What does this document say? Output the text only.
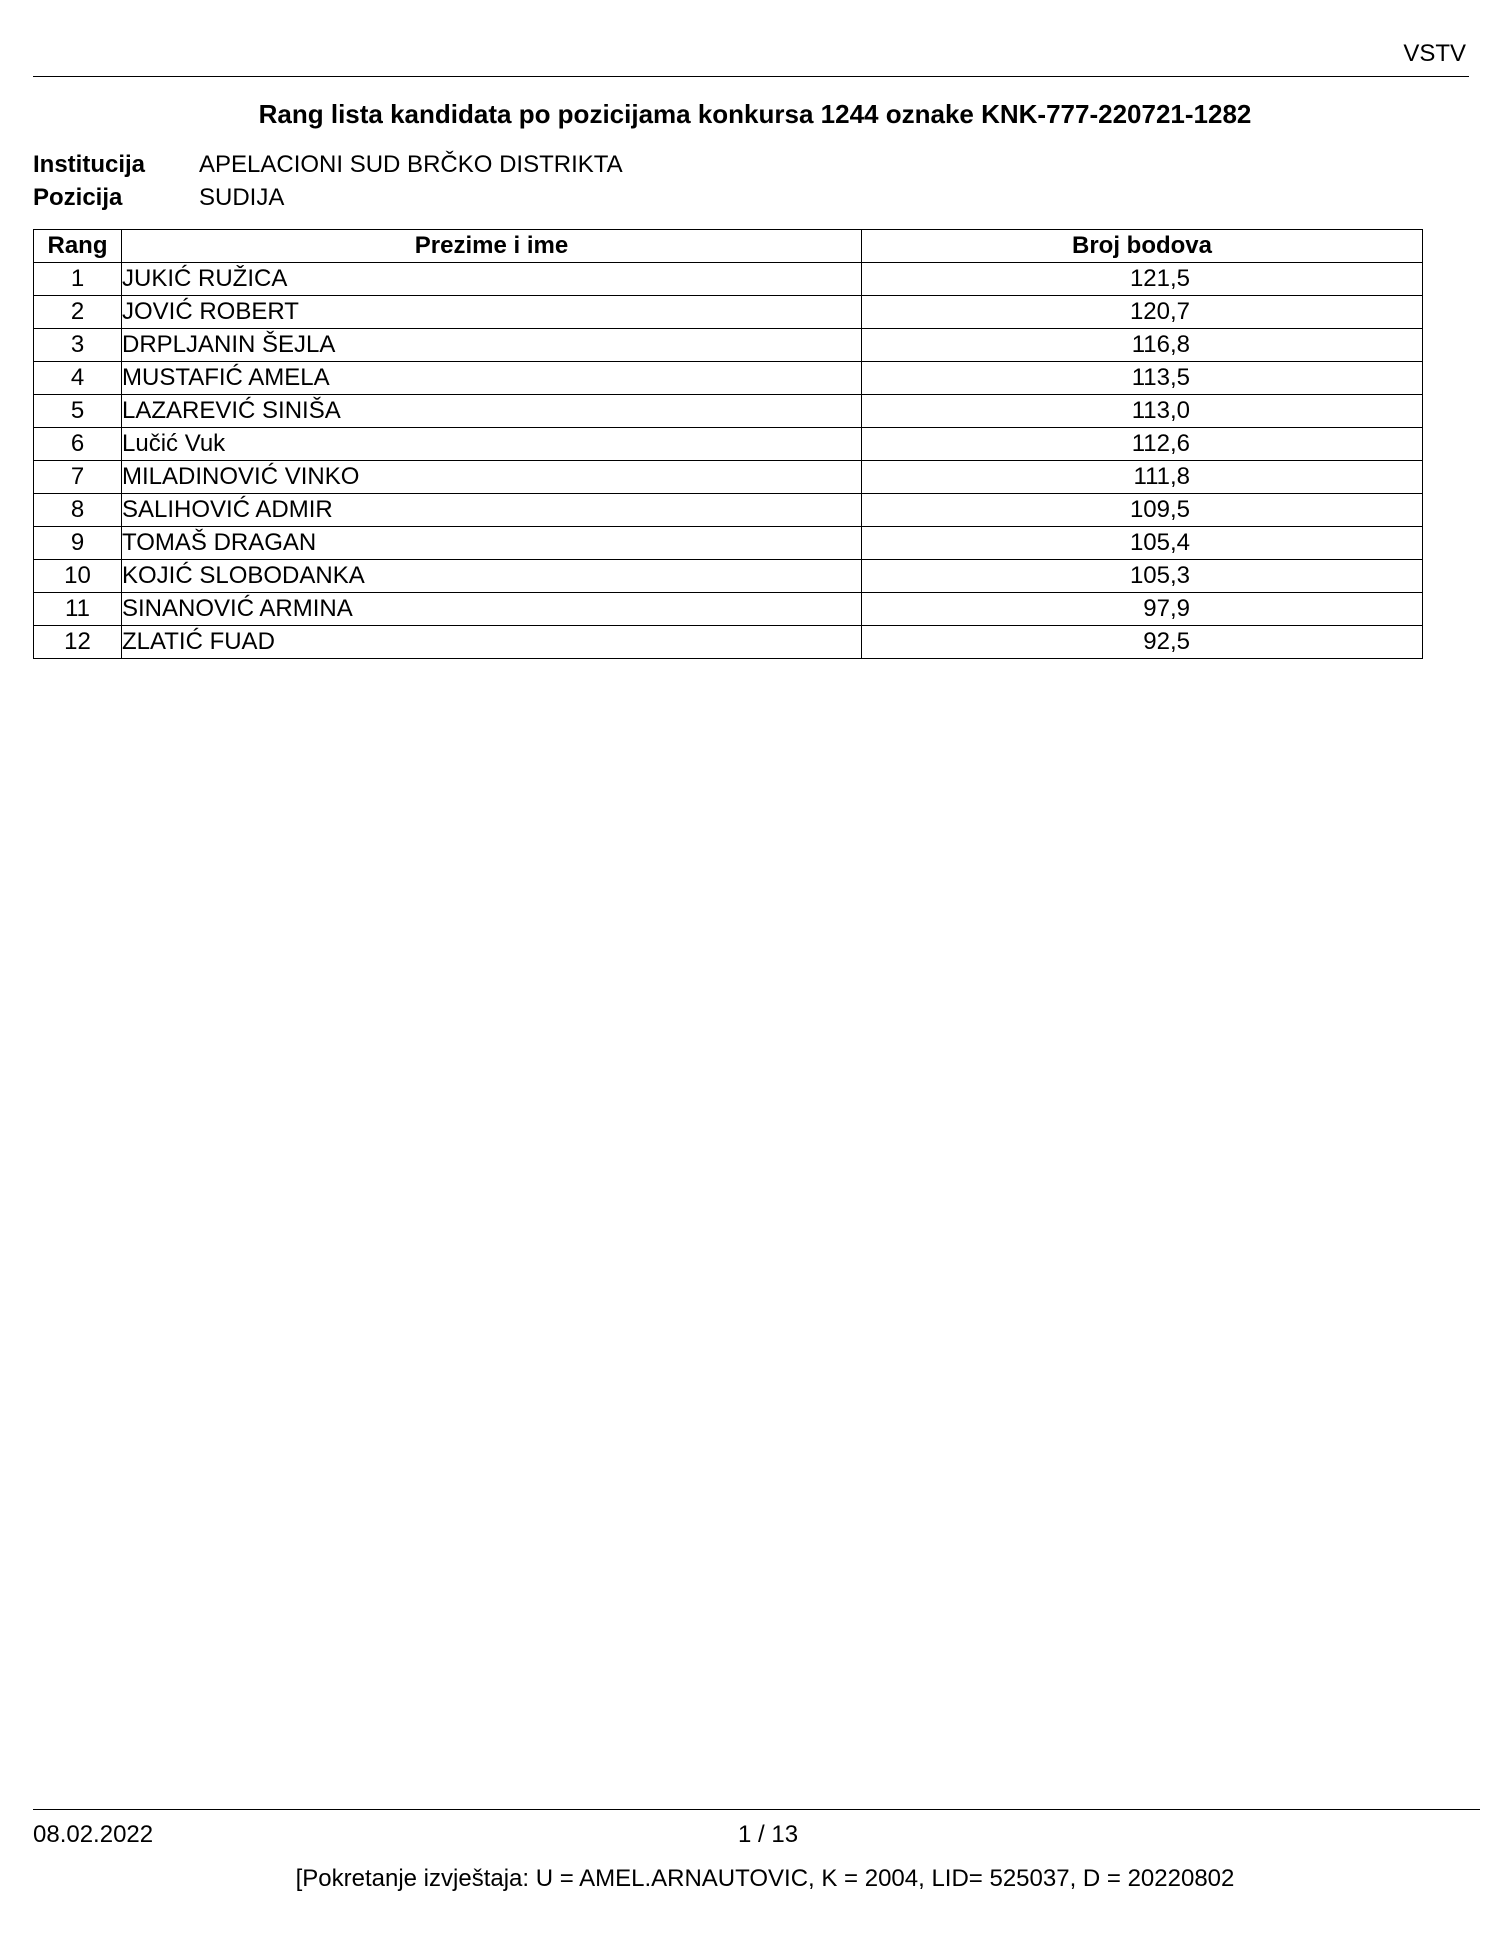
VSTV
Rang lista kandidata po pozicijama konkursa 1244 oznake KNK-777-220721-1282
Institucija APELACIONI SUD BRČKO DISTRIKTA
Pozicija	SUDIJA
Rang	Prezime i ime	Broj bodova
1	JUKIĆ RUŽICA	121,5
2	JOVIĆ ROBERT	120,7
3	DRPLJANIN ŠEJLA	116,8
4	MUSTAFIĆ AMELA	113,5
5	LAZAREVIĆ SINIŠA	113,0
6	Lučić Vuk	112,6
7	MILADINOVIĆ VINKO	111,8
8	SALIHOVIĆ ADMIR	109,5
9	TOMAŠ DRAGAN	105,4
10	KOJIĆ SLOBODANKA	105,3
11	SINANOVIĆ ARMINA	97,9
12	ZLATIĆ FUAD	92,5
08.02.2022	1 / 13
[Pokretanje izvještaja: U = AMEL.ARNAUTOVIC, K = 2004, LID= 525037, D = 20220802
